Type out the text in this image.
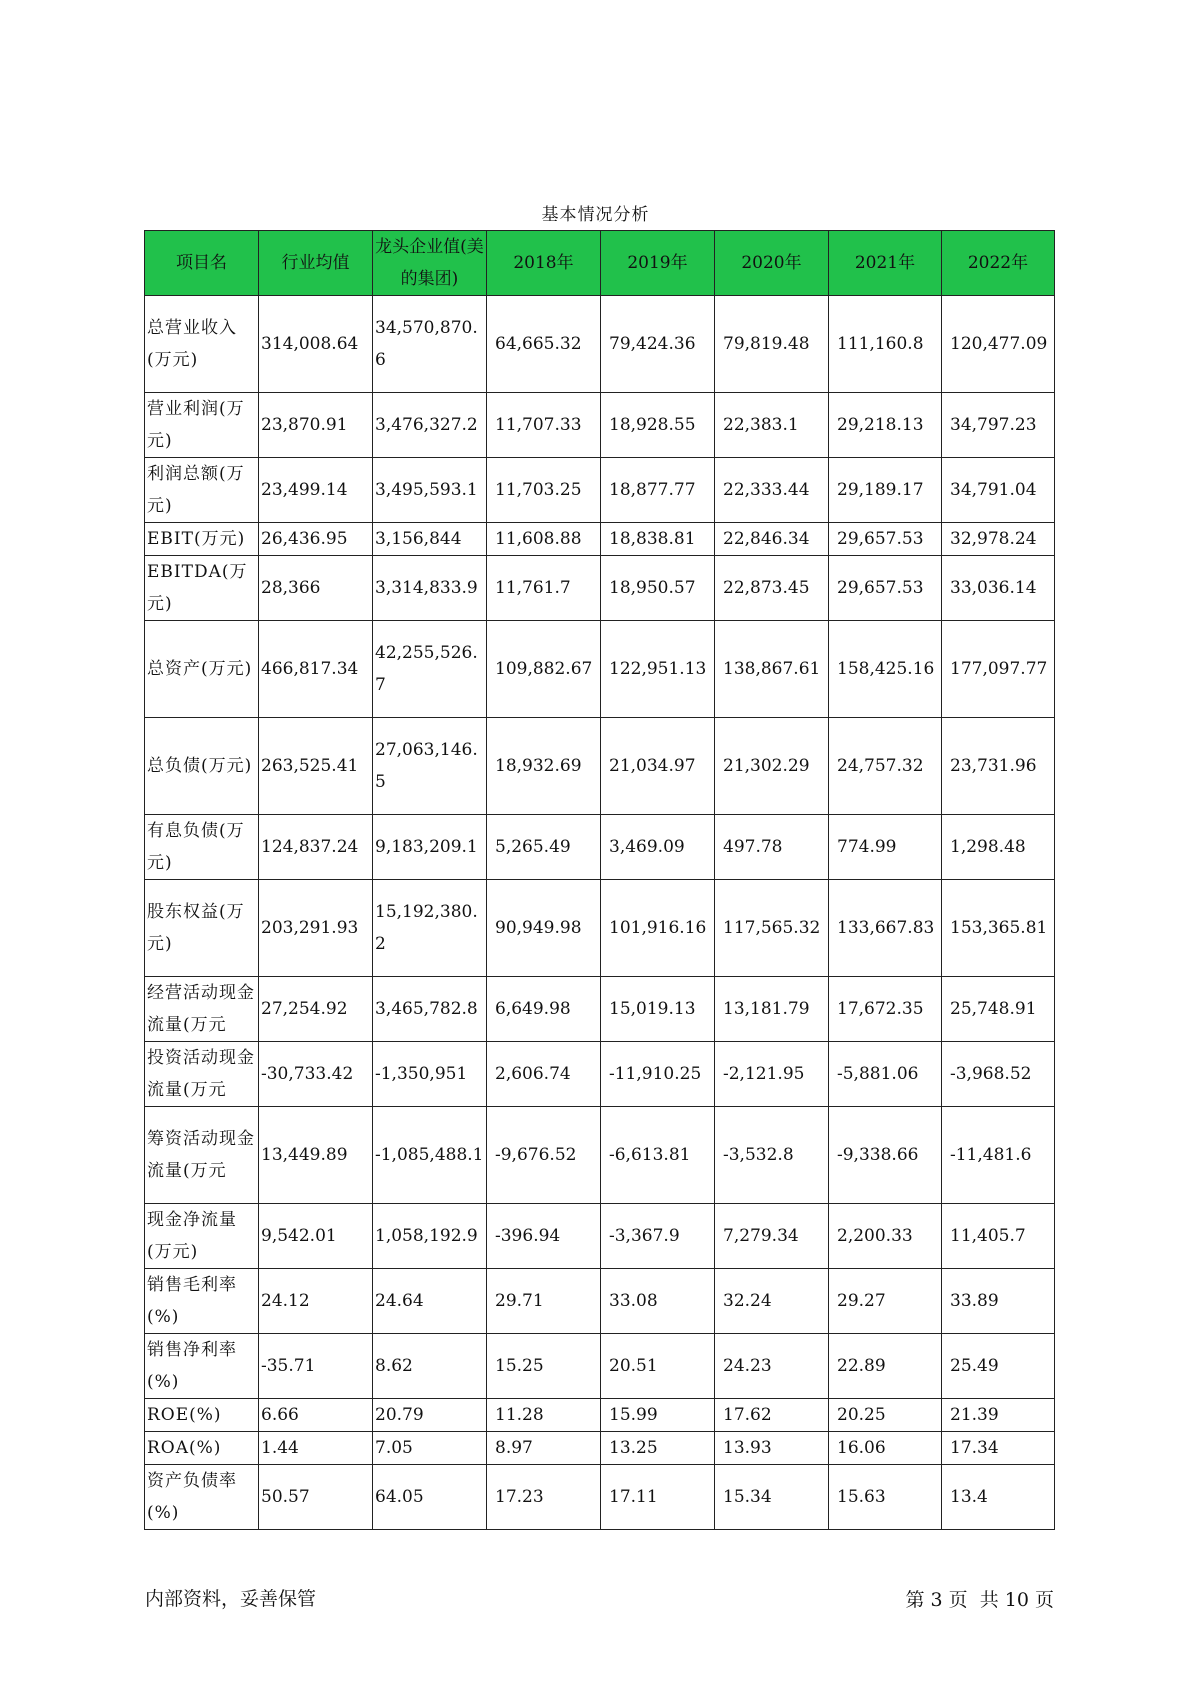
基本情况分析
项目名	行业均值	龙头企业值(美的集团)	2018年	2019年	2020年	2021年	2022年

总营业收入(万元)	314,008.64	34,570,870.6	64,665.32	79,424.36	79,819.48	111,160.8	120,477.09

营业利润(万元)	23,870.91	3,476,327.2	11,707.33	18,928.55	22,383.1	29,218.13	34,797.23

利润总额(万元)	23,499.14	3,495,593.1	11,703.25	18,877.77	22,333.44	29,189.17	34,791.04

EBIT(万元)	26,436.95	3,156,844	11,608.88	18,838.81	22,846.34	29,657.53	32,978.24

EBITDA(万元)	28,366	3,314,833.9	11,761.7	18,950.57	22,873.45	29,657.53	33,036.14

总资产(万元)	466,817.34	42,255,526.7	109,882.67	122,951.13	138,867.61	158,425.16	177,097.77

总负债(万元)	263,525.41	27,063,146.5	18,932.69	21,034.97	21,302.29	24,757.32	23,731.96

有息负债(万元)	124,837.24	9,183,209.1	5,265.49	3,469.09	497.78	774.99	1,298.48

股东权益(万元)	203,291.93	15,192,380.2	90,949.98	101,916.16	117,565.32	133,667.83	153,365.81

经营活动现金流量(万元	27,254.92	3,465,782.8	6,649.98	15,019.13	13,181.79	17,672.35	25,748.91

投资活动现金流量(万元	-30,733.42	-1,350,951	2,606.74	-11,910.25	-2,121.95	-5,881.06	-3,968.52

筹资活动现金流量(万元	13,449.89	-1,085,488.1	-9,676.52	-6,613.81	-3,532.8	-9,338.66	-11,481.6

现金净流量(万元)	9,542.01	1,058,192.9	-396.94	-3,367.9	7,279.34	2,200.33	11,405.7

销售毛利率(%)	24.12	24.64	29.71	33.08	32.24	29.27	33.89

销售净利率(%)	-35.71	8.62	15.25	20.51	24.23	22.89	25.49

ROE(%)	6.66	20.79	11.28	15.99	17.62	20.25	21.39

ROA(%)	1.44	7.05	8.97	13.25	13.93	16.06	17.34

资产负债率(%)	50.57	64.05	17.23	17.11	15.34	15.63	13.4
内部资料，妥善保管	第 3 页  共 10 页
